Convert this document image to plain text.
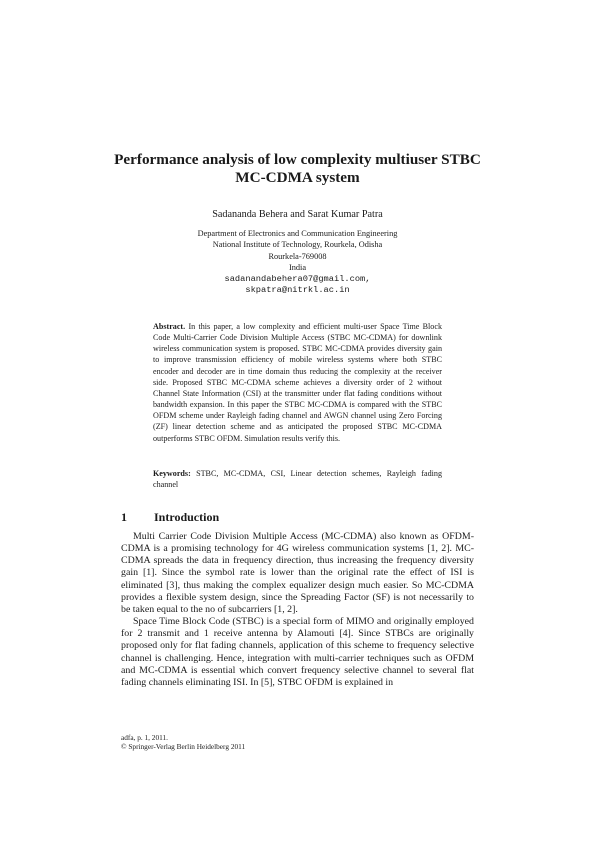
Performance analysis of low complexity multiuser STBC
MC-CDMA system
Sadananda Behera and Sarat Kumar Patra
Department of Electronics and Communication Engineering
National Institute of Technology, Rourkela, Odisha
Rourkela-769008
India
sadanandabehera07@gmail.com,
skpatra@nitrkl.ac.in

Abstract. In this paper, a low complexity and efficient multi-user Space Time Block Code Multi-Carrier Code Division Multiple Access (STBC MC-CDMA) for downlink wireless communication system is proposed. STBC MC-CDMA provides diversity gain to improve transmission efficiency of mobile wireless systems where both STBC encoder and decoder are in time domain thus reducing the complexity at the receiver side. Proposed STBC MC-CDMA scheme achieves a diversity order of 2 without Channel State Information (CSI) at the transmitter under flat fading conditions without bandwidth expansion. In this paper the STBC MC-CDMA is compared with the STBC OFDM scheme under Rayleigh fading channel and AWGN channel using Zero Forcing (ZF) linear detection scheme and as anticipated the proposed STBC MC-CDMA outperforms STBC OFDM. Simulation results verify this.

Keywords: STBC, MC-CDMA, CSI, Linear detection schemes, Rayleigh fading channel

1 Introduction

Multi Carrier Code Division Multiple Access (MC-CDMA) also known as OFDM-CDMA is a promising technology for 4G wireless communication systems [1, 2]. MC-CDMA spreads the data in frequency direction, thus increasing the frequency diversity gain [1]. Since the symbol rate is lower than the original rate the effect of ISI is eliminated [3], thus making the complex equalizer design much easier. So MC-CDMA provides a flexible system design, since the Spreading Factor (SF) is not necessarily to be taken equal to the no of subcarriers [1, 2].

Space Time Block Code (STBC) is a special form of MIMO and originally employed for 2 transmit and 1 receive antenna by Alamouti [4]. Since STBCs are originally proposed only for flat fading channels, application of this scheme to frequency selective channel is challenging. Hence, integration with multi-carrier techniques such as OFDM and MC-CDMA is essential which convert frequency selective channel to several flat fading channels eliminating ISI. In [5], STBC OFDM is explained in

adfa, p. 1, 2011.
© Springer-Verlag Berlin Heidelberg 2011
